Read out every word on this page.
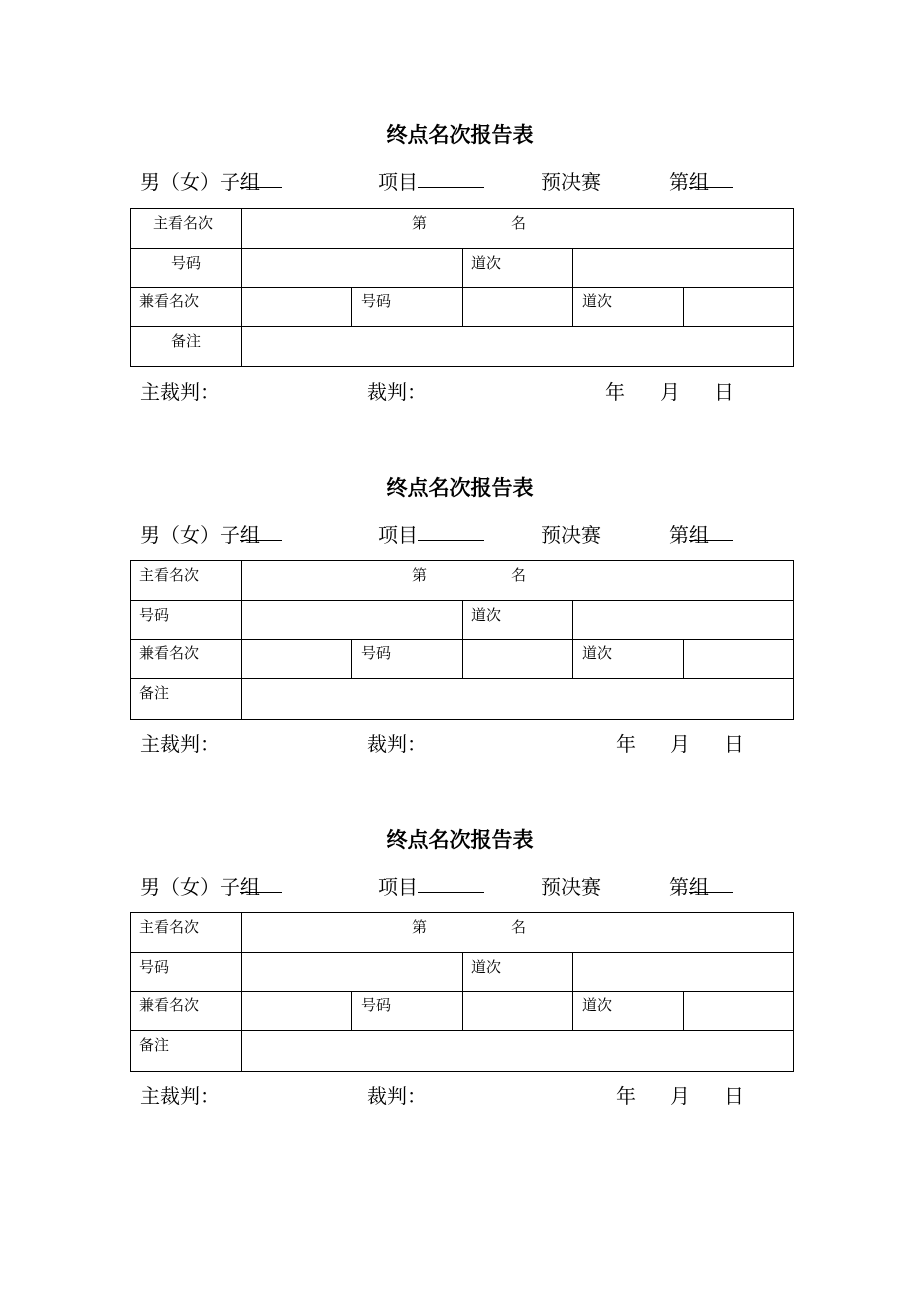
终点名次报告表
男（女）子
组	项目	预决赛	第
组
主看名次	第	名
号码	道次
兼看名次	号码	道次
备注
主裁判：	裁判：	年 月 日
终点名次报告表
男（女）子
组	项目	预决赛	第
组
主看名次	第	名
号码	道次
兼看名次	号码	道次
备注
主裁判：	裁判：	年 月 日
终点名次报告表
男（女）子
组	项目	预决赛	第
组
主看名次	第	名
号码	道次
兼看名次	号码	道次
备注
主裁判：	裁判：	年 月 日
